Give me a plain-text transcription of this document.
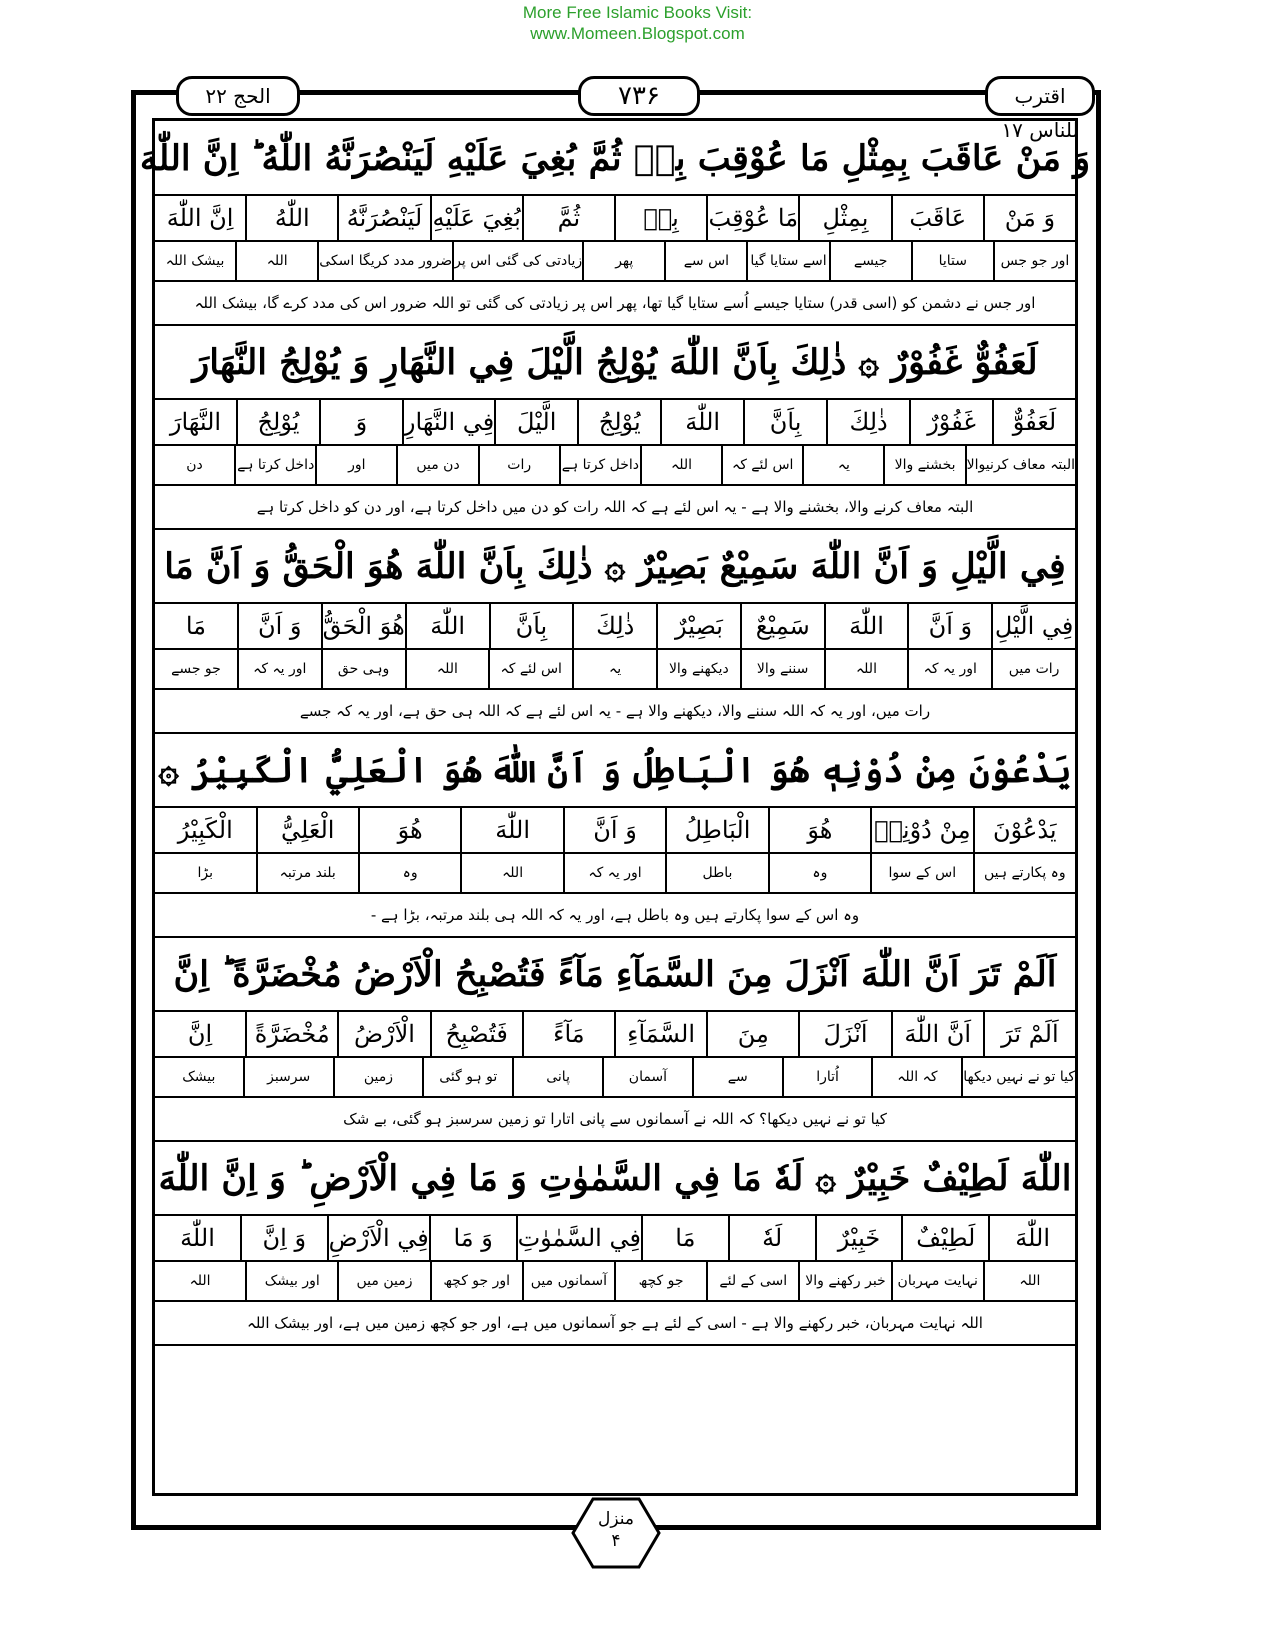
More Free Islamic Books Visit:
www.Momeen.Blogspot.com
الحج ۲۲	۷۳۶	اقترب للناس ۱۷
وَ مَنْ عَاقَبَ بِمِثْلِ مَا عُوْقِبَ بِهٖ ثُمَّ بُغِيَ عَلَيْهِ لَيَنْصُرَنَّهُ اللّٰهُ ؕ اِنَّ اللّٰهَ
وَ مَنْ
عَاقَبَ
بِمِثْلِ
مَا عُوْقِبَ
بِهٖ
ثُمَّ
بُغِيَ عَلَيْهِ
لَيَنْصُرَنَّهُ
اللّٰهُ
اِنَّ اللّٰهَ
اور جو جس
ستایا
جیسے
اسے ستایا گیا
اس سے
پھر
زیادتی کی گئی اس پر
ضرور مدد کریگا اسکی
اللہ
بیشک اللہ
اور جس نے دشمن کو (اسی قدر) ستایا جیسے اُسے ستایا گیا تھا، پھر اس پر زیادتی کی گئی تو اللہ ضرور اس کی مدد کرے گا، بیشک اللہ
لَعَفُوٌّ غَفُوْرٌ ۞ ذٰلِكَ بِاَنَّ اللّٰهَ يُوْلِجُ الَّيْلَ فِي النَّهَارِ وَ يُوْلِجُ النَّهَارَ
لَعَفُوٌّ
غَفُوْرٌ
ذٰلِكَ
بِاَنَّ
اللّٰهَ
يُوْلِجُ
الَّيْلَ
فِي النَّهَارِ
وَ
يُوْلِجُ
النَّهَارَ
البتہ معاف کرنیوالا
بخشنے والا
یہ
اس لئے کہ
اللہ
داخل کرتا ہے
رات
دن میں
اور
داخل کرتا ہے
دن
البتہ معاف کرنے والا، بخشنے والا ہے - یہ اس لئے ہے کہ اللہ رات کو دن میں داخل کرتا ہے، اور دن کو داخل کرتا ہے
فِي الَّيْلِ وَ اَنَّ اللّٰهَ سَمِيْعٌ بَصِيْرٌ ۞ ذٰلِكَ بِاَنَّ اللّٰهَ هُوَ الْحَقُّ وَ اَنَّ مَا
فِي الَّيْلِ
وَ اَنَّ
اللّٰهَ
سَمِيْعٌ
بَصِيْرٌ
ذٰلِكَ
بِاَنَّ
اللّٰهَ
هُوَ الْحَقُّ
وَ اَنَّ
مَا
رات میں
اور یہ کہ
اللہ
سننے والا
دیکھنے والا
یہ
اس لئے کہ
اللہ
وہی حق
اور یہ کہ
جو جسے
رات میں، اور یہ کہ اللہ سننے والا، دیکھنے والا ہے - یہ اس لئے ہے کہ اللہ ہی حق ہے، اور یہ کہ جسے
يَدْعُوْنَ مِنْ دُوْنِهٖ هُوَ الْبَاطِلُ وَ اَنَّ اللّٰهَ هُوَ الْعَلِيُّ الْكَبِيْرُ ۞
يَدْعُوْنَ
مِنْ دُوْنِهٖ
هُوَ
الْبَاطِلُ
وَ اَنَّ
اللّٰهَ
هُوَ
الْعَلِيُّ
الْكَبِيْرُ
وہ پکارتے ہیں
اس کے سوا
وہ
باطل
اور یہ کہ
اللہ
وہ
بلند مرتبہ
بڑا
وہ اس کے سوا پکارتے ہیں وہ باطل ہے، اور یہ کہ اللہ ہی بلند مرتبہ، بڑا ہے -
اَلَمْ تَرَ اَنَّ اللّٰهَ اَنْزَلَ مِنَ السَّمَآءِ مَآءً فَتُصْبِحُ الْاَرْضُ مُخْضَرَّةً ؕ اِنَّ
اَلَمْ تَرَ
اَنَّ اللّٰهَ
اَنْزَلَ
مِنَ
السَّمَآءِ
مَآءً
فَتُصْبِحُ
الْاَرْضُ
مُخْضَرَّةً
اِنَّ
کیا تو نے نہیں دیکھا
کہ اللہ
اُتارا
سے
آسمان
پانی
تو ہو گئی
زمین
سرسبز
بیشک
کیا تو نے نہیں دیکھا؟ کہ اللہ نے آسمانوں سے پانی اتارا تو زمین سرسبز ہو گئی، بے شک
اللّٰهَ لَطِيْفٌ خَبِيْرٌ ۞ لَهٗ مَا فِي السَّمٰوٰتِ وَ مَا فِي الْاَرْضِ ؕ وَ اِنَّ اللّٰهَ
اللّٰهَ
لَطِيْفٌ
خَبِيْرٌ
لَهٗ
مَا
فِي السَّمٰوٰتِ
وَ مَا
فِي الْاَرْضِ
وَ اِنَّ
اللّٰهَ
اللہ
نہایت مہربان
خبر رکھنے والا
اسی کے لئے
جو کچھ
آسمانوں میں
اور جو کچھ
زمین میں
اور بیشک
اللہ
اللہ نہایت مہربان، خبر رکھنے والا ہے - اسی کے لئے ہے جو آسمانوں میں ہے، اور جو کچھ زمین میں ہے، اور بیشک اللہ
منزل
۴
